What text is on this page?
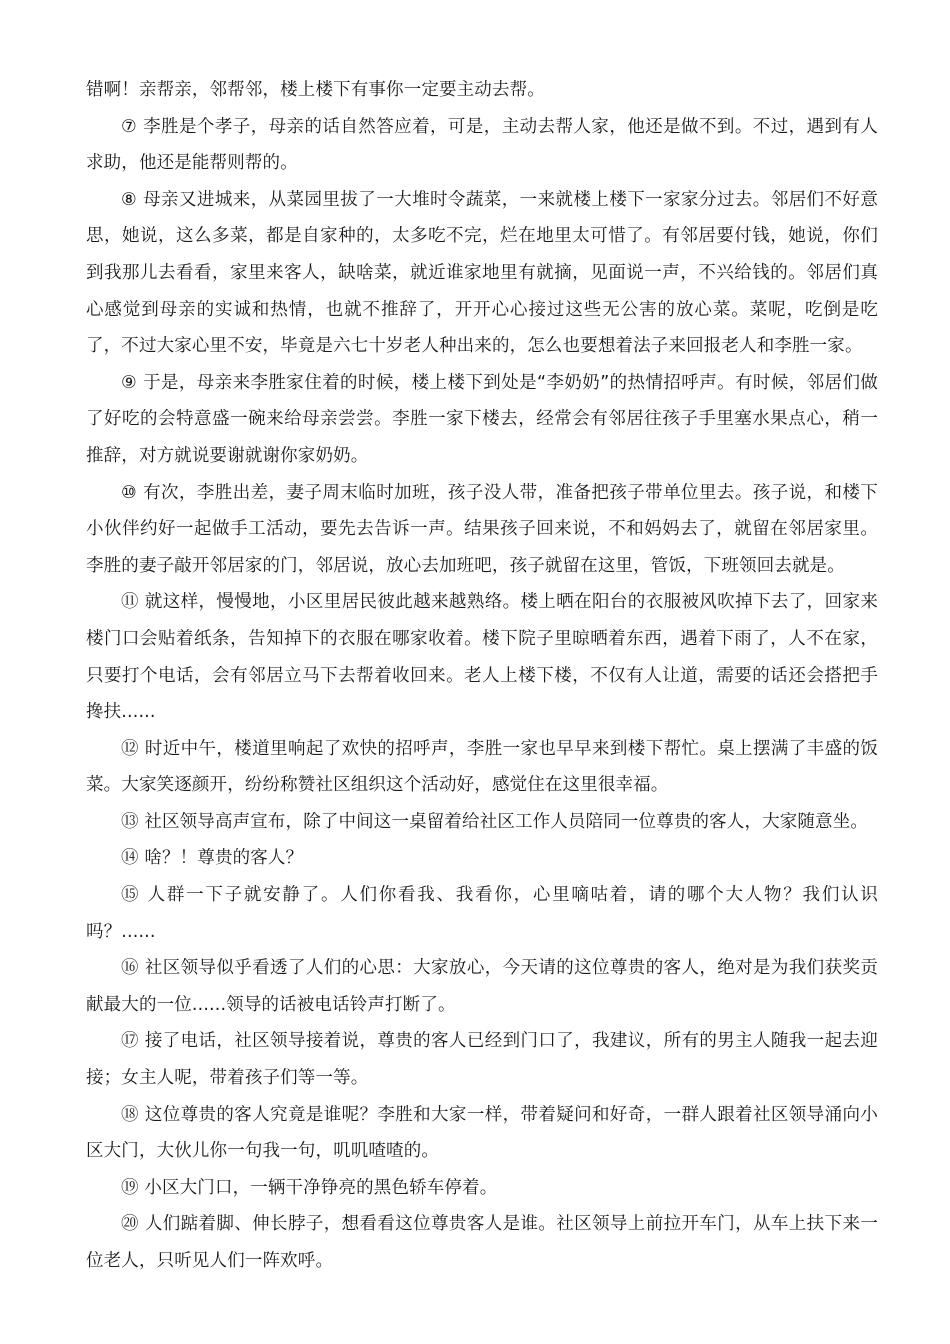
错啊！亲帮亲，邻帮邻，楼上楼下有事你一定要主动去帮。

⑦ 李胜是个孝子，母亲的话自然答应着，可是，主动去帮人家，他还是做不到。不过，遇到有人求助，他还是能帮则帮的。

⑧ 母亲又进城来，从菜园里拔了一大堆时令蔬菜，一来就楼上楼下一家家分过去。邻居们不好意思，她说，这么多菜，都是自家种的，太多吃不完，烂在地里太可惜了。有邻居要付钱，她说，你们到我那儿去看看，家里来客人，缺啥菜，就近谁家地里有就摘，见面说一声，不兴给钱的。邻居们真心感觉到母亲的实诚和热情，也就不推辞了，开开心心接过这些无公害的放心菜。菜呢，吃倒是吃了，不过大家心里不安，毕竟是六七十岁老人种出来的，怎么也要想着法子来回报老人和李胜一家。

⑨ 于是，母亲来李胜家住着的时候，楼上楼下到处是“李奶奶”的热情招呼声。有时候，邻居们做了好吃的会特意盛一碗来给母亲尝尝。李胜一家下楼去，经常会有邻居往孩子手里塞水果点心，稍一推辞，对方就说要谢就谢你家奶奶。

⑩ 有次，李胜出差，妻子周末临时加班，孩子没人带，准备把孩子带单位里去。孩子说，和楼下小伙伴约好一起做手工活动，要先去告诉一声。结果孩子回来说，不和妈妈去了，就留在邻居家里。李胜的妻子敲开邻居家的门，邻居说，放心去加班吧，孩子就留在这里，管饭，下班领回去就是。

⑪ 就这样，慢慢地，小区里居民彼此越来越熟络。楼上晒在阳台的衣服被风吹掉下去了，回家来楼门口会贴着纸条，告知掉下的衣服在哪家收着。楼下院子里晾晒着东西，遇着下雨了，人不在家，只要打个电话，会有邻居立马下去帮着收回来。老人上楼下楼，不仅有人让道，需要的话还会搭把手搀扶......

⑫ 时近中午，楼道里响起了欢快的招呼声，李胜一家也早早来到楼下帮忙。桌上摆满了丰盛的饭菜。大家笑逐颜开，纷纷称赞社区组织这个活动好，感觉住在这里很幸福。

⑬ 社区领导高声宣布，除了中间这一桌留着给社区工作人员陪同一位尊贵的客人，大家随意坐。

⑭ 啥？！尊贵的客人？

⑮ 人群一下子就安静了。人们你看我、我看你，心里嘀咕着，请的哪个大人物？我们认识吗？......

⑯ 社区领导似乎看透了人们的心思：大家放心，今天请的这位尊贵的客人，绝对是为我们获奖贡献最大的一位......领导的话被电话铃声打断了。

⑰ 接了电话，社区领导接着说，尊贵的客人已经到门口了，我建议，所有的男主人随我一起去迎接；女主人呢，带着孩子们等一等。

⑱ 这位尊贵的客人究竟是谁呢？李胜和大家一样，带着疑问和好奇，一群人跟着社区领导涌向小区大门，大伙儿你一句我一句，叽叽喳喳的。

⑲ 小区大门口，一辆干净铮亮的黑色轿车停着。

⑳ 人们踮着脚、伸长脖子，想看看这位尊贵客人是谁。社区领导上前拉开车门，从车上扶下来一位老人，只听见人们一阵欢呼。
